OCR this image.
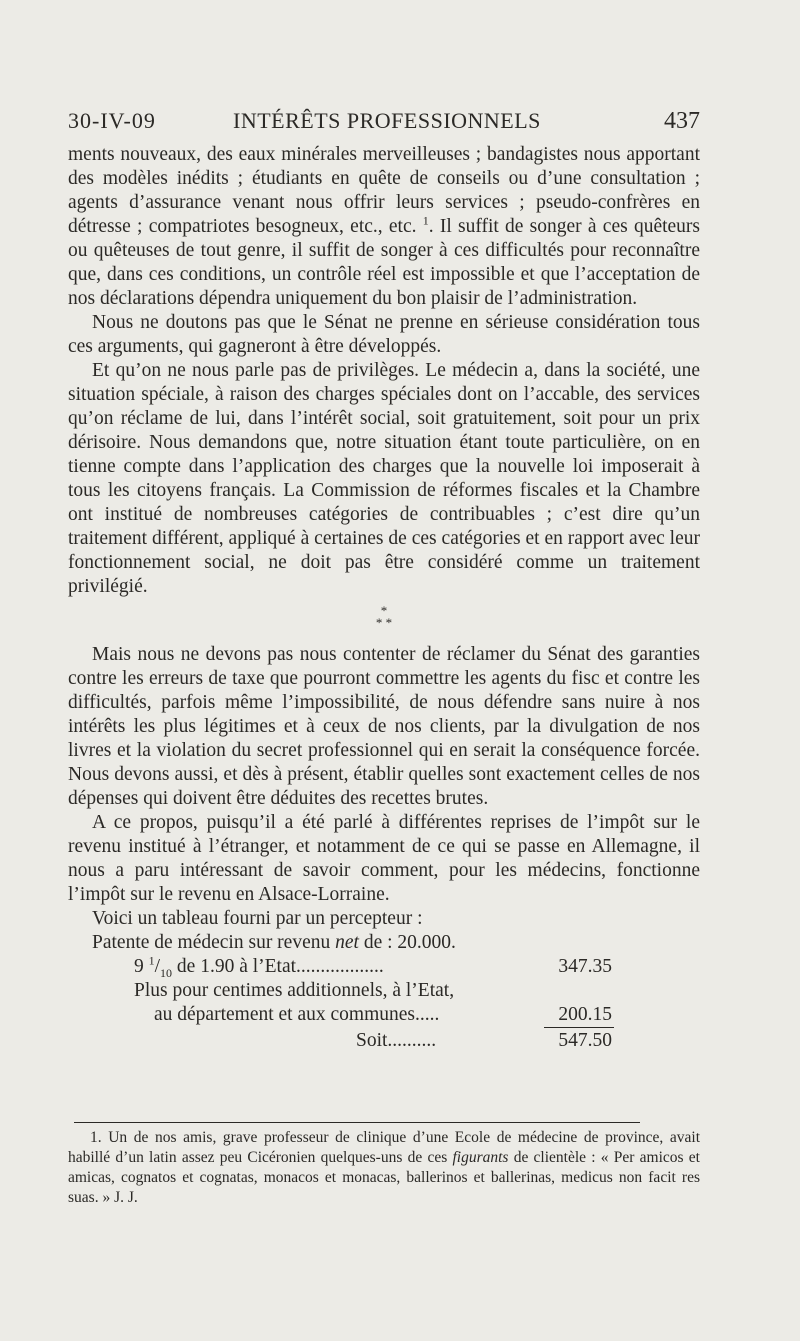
30-IV-09	INTÉRÊTS PROFESSIONNELS	437

ments nouveaux, des eaux minérales merveilleuses ; bandagistes nous apportant des modèles inédits ; étudiants en quête de conseils ou d’une consultation ; agents d’assurance venant nous offrir leurs services ; pseudo-confrères en détresse ; compatriotes besogneux, etc., etc. $^1$. Il suffit de songer à ces quêteurs ou quêteuses de tout genre, il suffit de songer à ces difficultés pour reconnaître que, dans ces conditions, un contrôle réel est impossible et que l’acceptation de nos déclarations dépendra uniquement du bon plaisir de l’administration.

Nous ne doutons pas que le Sénat ne prenne en sérieuse considération tous ces arguments, qui gagneront à être développés.

Et qu’on ne nous parle pas de privilèges. Le médecin a, dans la société, une situation spéciale, à raison des charges spéciales dont on l’accable, des services qu’on réclame de lui, dans l’intérêt social, soit gratuitement, soit pour un prix dérisoire. Nous demandons que, notre situation étant toute particulière, on en tienne compte dans l’application des charges que la nouvelle loi imposerait à tous les citoyens français. La Commission de réformes fiscales et la Chambre ont institué de nombreuses catégories de contribuables ; c’est dire qu’un traitement différent, appliqué à certaines de ces catégories et en rapport avec leur fonctionnement social, ne doit pas être considéré comme un traitement privilégié.

*
* *

Mais nous ne devons pas nous contenter de réclamer du Sénat des garanties contre les erreurs de taxe que pourront commettre les agents du fisc et contre les difficultés, parfois même l’impossibilité, de nous défendre sans nuire à nos intérêts les plus légitimes et à ceux de nos clients, par la divulgation de nos livres et la violation du secret professionnel qui en serait la conséquence forcée. Nous devons aussi, et dès à présent, établir quelles sont exactement celles de nos dépenses qui doivent être déduites des recettes brutes.

A ce propos, puisqu’il a été parlé à différentes reprises de l’impôt sur le revenu institué à l’étranger, et notamment de ce qui se passe en Allemagne, il nous a paru intéressant de savoir comment, pour les médecins, fonctionne l’impôt sur le revenu en Alsace-Lorraine.

Voici un tableau fourni par un percepteur :

Patente de médecin sur revenu net de : 20.000.
9 $^1/_{10}$ de 1.90 à l’Etat..................	347.35
Plus pour centimes additionnels, à l’Etat,
au département et aux communes.....	200.15
Soit..........	547.50

1. Un de nos amis, grave professeur de clinique d’une Ecole de médecine de province, avait habillé d’un latin assez peu Cicéronien quelques-uns de ces figurants de clientèle : « Per amicos et amicas, cognatos et cognatas, monacos et monacas, ballerinos et ballerinas, medicus non facit res suas. » J. J.
